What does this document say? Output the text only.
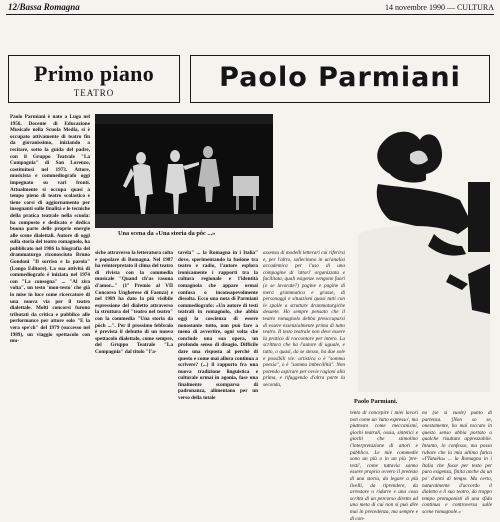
12/Bassa Romagna	14 novembre 1990 — CULTURA
Primo piano
TEATRO	Paolo Parmiani
Paolo Parmiani è nato a Lugo nel 1956. Docente di Educazione Musicale nella Scuola Media, si è occupato attivamente di teatro fin da giovanissimo, iniziando a recitare, sotto la guida del padre, con il Gruppo Teatrale "La Compagnia" di San Lorenzo, costituitosi nel 1973. Attore, musicista e commediografo oggi impegnato su vari fronti. Attualmente si occupa quasi a tempo pieno di teatro scolastico e tiene corsi di aggiornamento per insegnanti sulle finalità e le tecniche della pratica teatrale nella scuola: ha composto e dedicato e dedica buona parte delle proprie energie alle scene dialettali. Autore di oggi sulla storia del teatro romagnolo, ha pubblicato nel 1986 la biografia del drammaturgo riconosciuto Bruno Gondoni "Il sorriso e la parola" (Longo Editore). La sua attività di commediografo è iniziata nel 1974 con "La consegna" ... "Al zira volta", un testo 'mon-testo' che già lo mise in luce come ricercatore di una nuova via per il teatro dialettale. Molti concorsi furono tributati da critica e pubblico alle performance per attore solo "E la vera spe'ch" del 1979 (successo nel 1989), un viaggio spettacolo con mu-
Una scena da «Una storia da pôc ...»
Paolo Parmiani.
siche attraverso la letteratura colta e popolare di Romagna. Nel 1987 ha reinterpretato il clima del teatro di rivista con la commedia musicale "Quand ch'us rasona d'amor..." (1° Premio al VII Concorso Ungherese di Faenza) e nel 1989 ha dato la più visibile espressione del dialetto attraverso la struttura del "teatro nel teatro" con la commedia "Una storia da pôch ...". Per il prossimo febbraio è prevista il debutto di un nuovo spettacolo dialettale, come sempre, del Gruppo Teatrale "La Compagnia" dal titolo "I'a-
tavèla" ... la Romagna in i Italia" dove, sperimentando la fusione tra teatro e radio, l'autore esplora ironicamente i rapporti tra la cultura regionale e l'identità romagnola che appare ormai confusa o inconsapevolmente dissolta. Ecco una nota di Parmiani commediografo: «Un autore di testi teatrali in romagnolo, che abbia oggi la coscienza di essere nonostante tutto, non può fare a meno di avvertire, ogni volta che conclude una sua opera, un profondo senso di disagio. Difficile dare una risposta al perché di questo e come mai allora continua a scrivere? (...) il rapporto fra una nuova tradizione linguistica e culturale ormai in agonia, fase una finalmente scomparsa di padronanza, alimentano per un verso della totale
assenza di modelli letterari cui riferirsi e, per l'altro, sollecitano in un'analisi accademica per l'uso di una compagine di 'attori' organizzata e facilitata, quali esigenze vengono fuori (o se lavorate?) pagine e pagine di mera grammatica e grasse, di personaggi e situazioni quasi tutti con le spalle a strutture drammaturgiche desuete. Ho sempre pensato che il teatro romagnolo debba preoccuparsi di essere essenzialmente prima di tutto teatro. Il testo teatrale non deve essere la pratica di raccontare per intero. La scrittura che ha l'autore di uguale, e tutto, o quasi, da se stesso, ha due sole e possibili vie: artistica o è "somma poesia", o è "somma imbecillità". Non potendo aspirare per ovvie ragioni alla prima, e rifuggendo d'altra parte la seconda,
tento di concepire i miei lavori non come un 'tutto espresso', ma piuttosto come meccanismi, giochi teatrali, ossia, sintetici e giochi che stimolino l'interpretazione di attori e pubblico. Le mie commedie sono un più o in un più 'pre-testi', come tuttavia sanno essere proprio ovvero il pretesto di una storia, da legare a più livelli, da riprendere, da arrestare o ridurre e una cosa scritta di un percorso diretto ad una meta di cui non si può dire mai in precedenza, ma sempre e di con-
no (se si vuole) punto di partenza. [Non so se, onestamente, ho mai toccato in questo senso abbia portato a qualche risultato apprezzabile. Intanto, lo confesso, ma posso rubare che la mia ultima fatica «I'Tataèla» ... la Romagna in i Italia che fosse per testo per pura esigenza, finita anche da un po' d'anni di tempo. Ma certo, naturalmente d'accordo il dialetto e il suo teatro, da troppo tempo protagonisti di una sfida continua e controversa sulle scene romagnole.»
